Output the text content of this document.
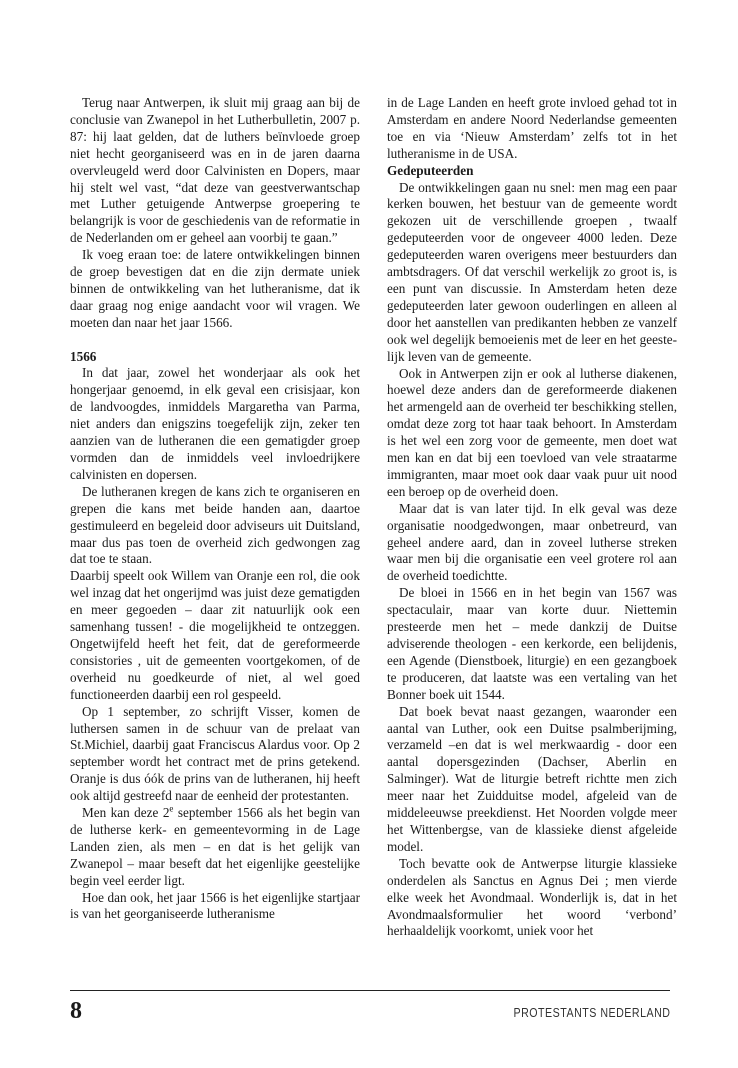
Terug naar Antwerpen, ik sluit mij graag aan bij de conclusie van Zwanepol in het Lutherbulletin, 2007 p. 87: hij laat gelden, dat de luthers beïnvloede groep niet hecht georganiseerd was en in de jaren daarna overvleugeld werd door Calvinisten en Dopers, maar hij stelt wel vast, “dat deze van geestverwantschap met Luther getuigende Antwerpse groepering te belangrijk is voor de geschiedenis van de reformatie in de Nederlanden om er geheel aan voorbij te gaan.”

Ik voeg eraan toe: de latere ontwikkelingen binnen de groep bevestigen dat en die zijn dermate uniek binnen de ontwikkeling van het lutheranisme, dat ik daar graag nog enige aandacht voor wil vragen. We moeten dan naar het jaar 1566.

1566

In dat jaar, zowel het wonderjaar als ook het hongerjaar genoemd, in elk geval een crisisjaar, kon de landvoogdes, inmiddels Margaretha van Parma, niet anders dan enigszins toegefelijk zijn, zeker ten aanzien van de lutheranen die een gematigder groep vormden dan de inmiddels veel invloedrijkere calvinisten en dopersen.

De lutheranen kregen de kans zich te organiseren en grepen die kans met beide handen aan, daartoe gestimuleerd en begeleid door adviseurs uit Duitsland, maar dus pas toen de overheid zich gedwongen zag dat toe te staan.

Daarbij speelt ook Willem van Oranje een rol, die ook wel inzag dat het ongerijmd was juist deze gematigden en meer gegoeden – daar zit natuurlijk ook een samenhang tussen! - die mogelijkheid te ontzeggen. Ongetwijfeld heeft het feit, dat de gereformeerde consistories , uit de gemeenten voortgekomen, of de overheid nu goedkeurde of niet, al wel goed functioneerden daarbij een rol gespeeld.

Op 1 september, zo schrijft Visser, komen de luthersen samen in de schuur van de prelaat van St.Michiel, daarbij gaat Franciscus Alardus voor. Op 2 september wordt het contract met de prins getekend. Oranje is dus óók de prins van de lutheranen, hij heeft ook altijd gestreefd naar de eenheid der protestanten.

Men kan deze 2e september 1566 als het begin van de lutherse kerk- en gemeentevorming in de Lage Landen zien, als men – en dat is het gelijk van Zwanepol – maar beseft dat het eigenlijke geestelijke begin veel eerder ligt.

Hoe dan ook, het jaar 1566 is het eigenlijke startjaar is van het georganiseerde lutheranisme

in de Lage Landen en heeft grote invloed gehad tot in Amsterdam en andere Noord Nederlandse gemeenten toe en via ‘Nieuw Amsterdam’ zelfs tot in het lutheranisme in de USA.

Gedeputeerden

De ontwikkelingen gaan nu snel: men mag een paar kerken bouwen, het bestuur van de gemeente wordt gekozen uit de verschillende groepen , twaalf gedeputeerden voor de ongeveer 4000 leden. Deze gedeputeerden waren overigens meer bestuurders dan ambtsdragers. Of dat verschil werkelijk zo groot is, is een punt van discussie. In Amsterdam heten deze gedeputeerden later gewoon ouderlingen en alleen al door het aanstellen van predikanten hebben ze vanzelf ook wel degelijk bemoeienis met de leer en het geestelijk leven van de gemeente.

Ook in Antwerpen zijn er ook al lutherse diakenen, hoewel deze anders dan de gereformeerde diakenen het armengeld aan de overheid ter beschikking stellen, omdat deze zorg tot haar taak behoort. In Amsterdam is het wel een zorg voor de gemeente, men doet wat men kan en dat bij een toevloed van vele straatarme immigranten, maar moet ook daar vaak puur uit nood een beroep op de overheid doen.

Maar dat is van later tijd. In elk geval was deze organisatie noodgedwongen, maar onbetreurd, van geheel andere aard, dan in zoveel lutherse streken waar men bij die organisatie een veel grotere rol aan de overheid toedichtte.

De bloei in 1566 en in het begin van 1567 was spectaculair, maar van korte duur. Niettemin presteerde men het – mede dankzij de Duitse adviserende theologen - een kerkorde, een belijdenis, een Agende (Dienstboek, liturgie) en een gezangboek te produceren, dat laatste was een vertaling van het Bonner boek uit 1544.

Dat boek bevat naast gezangen, waaronder een aantal van Luther, ook een Duitse psalmberijming, verzameld –en dat is wel merkwaardig - door een aantal dopersgezinden (Dachser, Aberlin en Salminger). Wat de liturgie betreft richtte men zich meer naar het Zuidduitse model, afgeleid van de middeleeuwse preekdienst. Het Noorden volgde meer het Wittenbergse, van de klassieke dienst afgeleide model.

Toch bevatte ook de Antwerpse liturgie klassieke onderdelen als Sanctus en Agnus Dei ; men vierde elke week het Avondmaal. Wonderlijk is, dat in het Avondmaalsformulier het woord ‘verbond’ herhaaldelijk voorkomt, uniek voor het

8	PROTESTANTS NEDERLAND
